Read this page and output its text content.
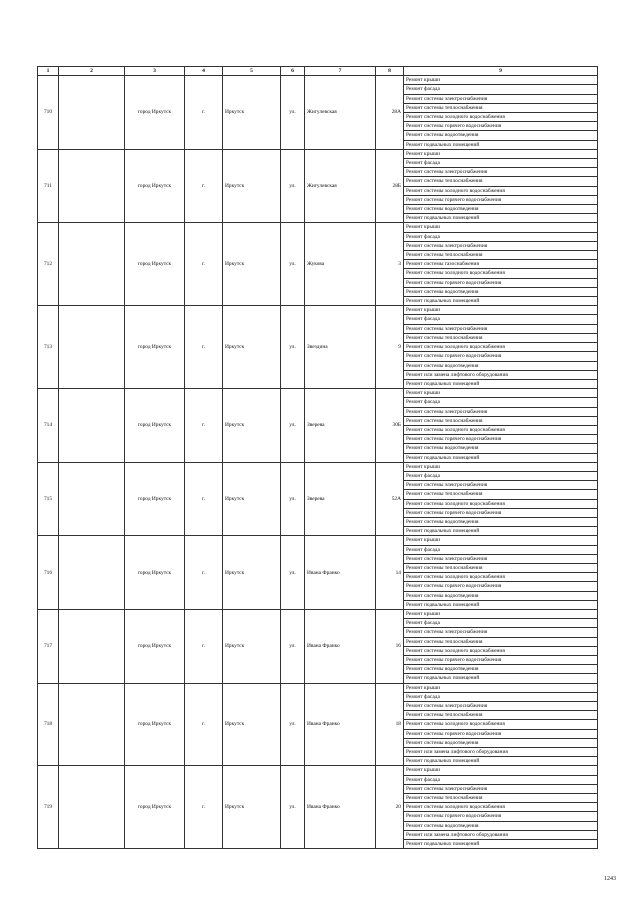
1	2	3	4	5	6	7	8	9
710		город Иркутск	г.	Иркутск	ул.	Жигулевская	28А	Ремонт крыши
								Ремонт фасада
								Ремонт системы электроснабжения
								Ремонт системы теплоснабжения
								Ремонт системы холодного водоснабжения
								Ремонт системы горячего водоснабжения
								Ремонт системы водоотведения
								Ремонт подвальных помещений
711		город Иркутск	г.	Иркутск	ул.	Жигулевская	28Б	Ремонт крыши
								Ремонт фасада
								Ремонт системы электроснабжения
								Ремонт системы теплоснабжения
								Ремонт системы холодного водоснабжения
								Ремонт системы горячего водоснабжения
								Ремонт системы водоотведения
								Ремонт подвальных помещений
712		город Иркутск	г.	Иркутск	ул.	Жукова	3	Ремонт крыши
								Ремонт фасада
								Ремонт системы электроснабжения
								Ремонт системы теплоснабжения
								Ремонт системы газоснабжения
								Ремонт системы холодного водоснабжения
								Ремонт системы горячего водоснабжения
								Ремонт системы водоотведения
								Ремонт подвальных помещений
713		город Иркутск	г.	Иркутск	ул.	Звездина	9	Ремонт крыши
								Ремонт фасада
								Ремонт системы электроснабжения
								Ремонт системы теплоснабжения
								Ремонт системы холодного водоснабжения
								Ремонт системы горячего водоснабжения
								Ремонт системы водоотведения
								Ремонт или замена лифтового оборудования
								Ремонт подвальных помещений
714		город Иркутск	г.	Иркутск	ул.	Зверева	30Б	Ремонт крыши
								Ремонт фасада
								Ремонт системы электроснабжения
								Ремонт системы теплоснабжения
								Ремонт системы холодного водоснабжения
								Ремонт системы горячего водоснабжения
								Ремонт системы водоотведения
								Ремонт подвальных помещений
715		город Иркутск	г.	Иркутск	ул.	Зверева	52А	Ремонт крыши
								Ремонт фасада
								Ремонт системы электроснабжения
								Ремонт системы теплоснабжения
								Ремонт системы холодного водоснабжения
								Ремонт системы горячего водоснабжения
								Ремонт системы водоотведения
								Ремонт подвальных помещений
716		город Иркутск	г.	Иркутск	ул.	Ивана Франко	14	Ремонт крыши
								Ремонт фасада
								Ремонт системы электроснабжения
								Ремонт системы теплоснабжения
								Ремонт системы холодного водоснабжения
								Ремонт системы горячего водоснабжения
								Ремонт системы водоотведения
								Ремонт подвальных помещений
717		город Иркутск	г.	Иркутск	ул.	Ивана Франко	16	Ремонт крыши
								Ремонт фасада
								Ремонт системы электроснабжения
								Ремонт системы теплоснабжения
								Ремонт системы холодного водоснабжения
								Ремонт системы горячего водоснабжения
								Ремонт системы водоотведения
								Ремонт подвальных помещений
718		город Иркутск	г.	Иркутск	ул.	Ивана Франко	18	Ремонт крыши
								Ремонт фасада
								Ремонт системы электроснабжения
								Ремонт системы теплоснабжения
								Ремонт системы холодного водоснабжения
								Ремонт системы горячего водоснабжения
								Ремонт системы водоотведения
								Ремонт или замена лифтового оборудования
								Ремонт подвальных помещений
719		город Иркутск	г.	Иркутск	ул.	Ивана Франко	20	Ремонт крыши
								Ремонт фасада
								Ремонт системы электроснабжения
								Ремонт системы теплоснабжения
								Ремонт системы холодного водоснабжения
								Ремонт системы горячего водоснабжения
								Ремонт системы водоотведения
								Ремонт или замена лифтового оборудования
								Ремонт подвальных помещений
1243
